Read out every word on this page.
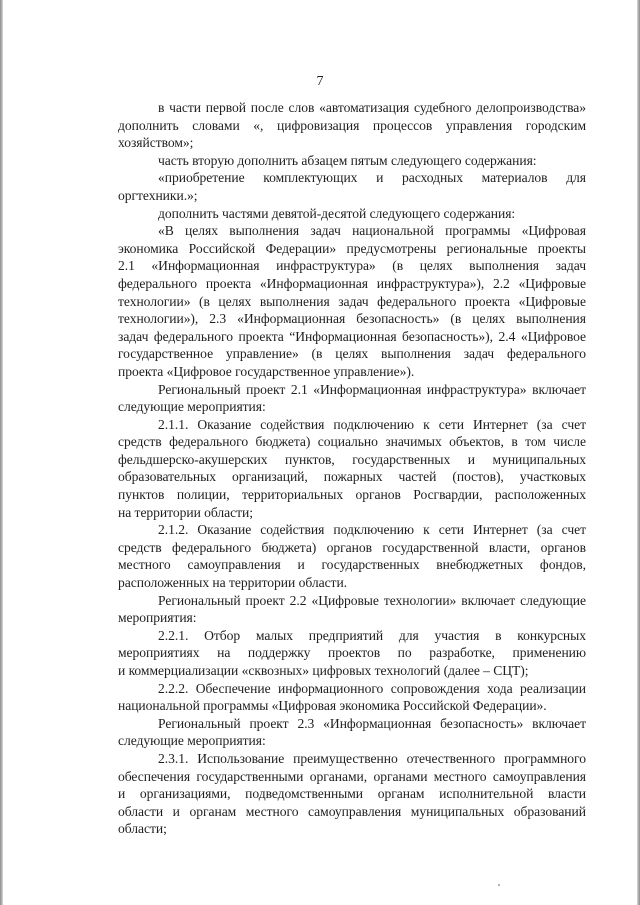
7
в части первой после слов «автоматизация судебного делопроизводства»
дополнить словами «, цифровизация процессов управления городским
хозяйством»;
часть вторую дополнить абзацем пятым следующего содержания:
«приобретение комплектующих и расходных материалов для
оргтехники.»;
дополнить частями девятой-десятой следующего содержания:
«В целях выполнения задач национальной программы «Цифровая
экономика Российской Федерации» предусмотрены региональные проекты
2.1 «Информационная инфраструктура» (в целях выполнения задач
федерального проекта «Информационная инфраструктура»), 2.2 «Цифровые
технологии» (в целях выполнения задач федерального проекта «Цифровые
технологии»), 2.3 «Информационная безопасность» (в целях выполнения
задач федерального проекта “Информационная безопасность»), 2.4 «Цифровое
государственное управление» (в целях выполнения задач федерального
проекта «Цифровое государственное управление»).
Региональный проект 2.1 «Информационная инфраструктура» включает
следующие мероприятия:
2.1.1. Оказание содействия подключению к сети Интернет (за счет
средств федерального бюджета) социально значимых объектов, в том числе
фельдшерско-акушерских пунктов, государственных и муниципальных
образовательных организаций, пожарных частей (постов), участковых
пунктов полиции, территориальных органов Росгвардии, расположенных
на территории области;
2.1.2. Оказание содействия подключению к сети Интернет (за счет
средств федерального бюджета) органов государственной власти, органов
местного самоуправления и государственных внебюджетных фондов,
расположенных на территории области.
Региональный проект 2.2 «Цифровые технологии» включает следующие
мероприятия:
2.2.1. Отбор малых предприятий для участия в конкурсных
мероприятиях на поддержку проектов по разработке, применению
и коммерциализации «сквозных» цифровых технологий (далее – СЦТ);
2.2.2. Обеспечение информационного сопровождения хода реализации
национальной программы «Цифровая экономика Российской Федерации».
Региональный проект 2.3 «Информационная безопасность» включает
следующие мероприятия:
2.3.1. Использование преимущественно отечественного программного
обеспечения государственными органами, органами местного самоуправления
и организациями, подведомственными органам исполнительной власти
области и органам местного самоуправления муниципальных образований
области;
